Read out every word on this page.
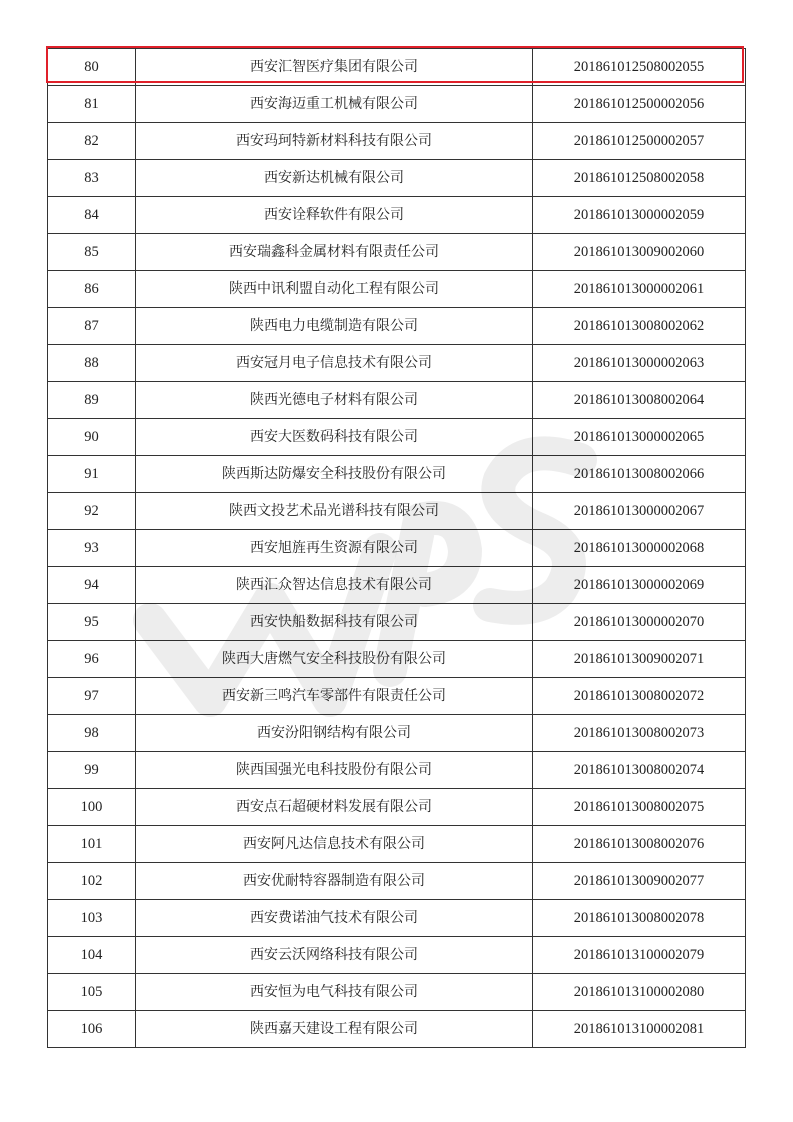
80	西安汇智医疗集团有限公司	201861012508002055
81	西安海迈重工机械有限公司	201861012500002056
82	西安玛珂特新材料科技有限公司	201861012500002057
83	西安新达机械有限公司	201861012508002058
84	西安诠释软件有限公司	201861013000002059
85	西安瑞鑫科金属材料有限责任公司	201861013009002060
86	陕西中讯利盟自动化工程有限公司	201861013000002061
87	陕西电力电缆制造有限公司	201861013008002062
88	西安冠月电子信息技术有限公司	201861013000002063
89	陕西光德电子材料有限公司	201861013008002064
90	西安大医数码科技有限公司	201861013000002065
91	陕西斯达防爆安全科技股份有限公司	201861013008002066
92	陕西文投艺术品光谱科技有限公司	201861013000002067
93	西安旭旌再生资源有限公司	201861013000002068
94	陕西汇众智达信息技术有限公司	201861013000002069
95	西安快船数据科技有限公司	201861013000002070
96	陕西大唐燃气安全科技股份有限公司	201861013009002071
97	西安新三鸣汽车零部件有限责任公司	201861013008002072
98	西安汾阳钢结构有限公司	201861013008002073
99	陕西国强光电科技股份有限公司	201861013008002074
100	西安点石超硬材料发展有限公司	201861013008002075
101	西安阿凡达信息技术有限公司	201861013008002076
102	西安优耐特容器制造有限公司	201861013009002077
103	西安费诺油气技术有限公司	201861013008002078
104	西安云沃网络科技有限公司	201861013100002079
105	西安恒为电气科技有限公司	201861013100002080
106	陕西嘉天建设工程有限公司	201861013100002081
